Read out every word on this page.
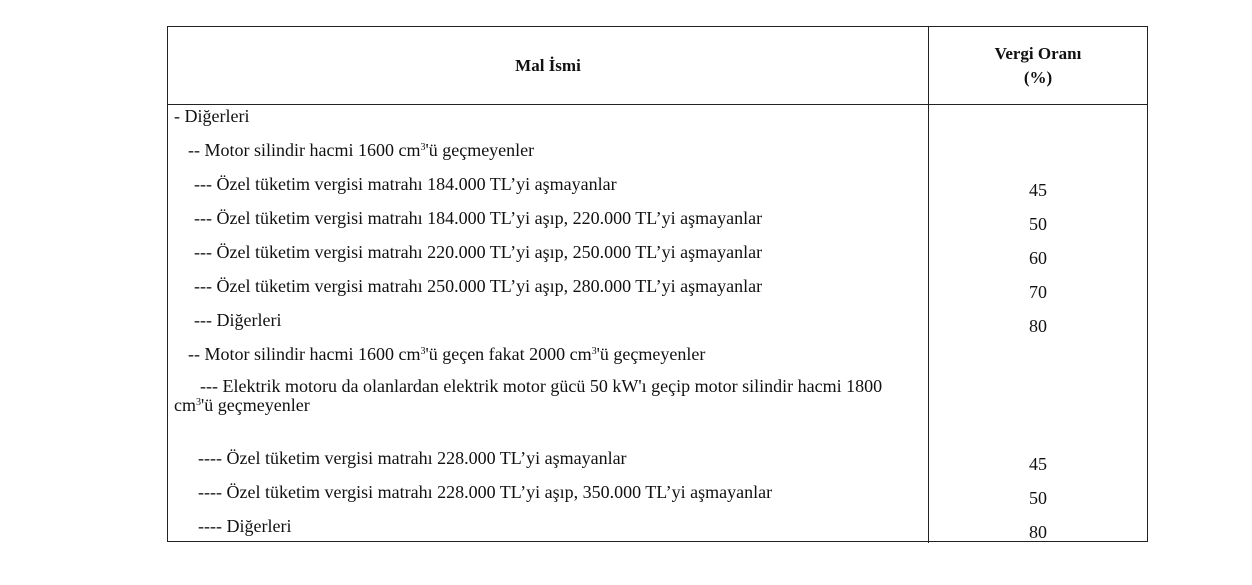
Mal İsmi
Vergi Oranı
(%)
- Diğerleri
-- Motor silindir hacmi 1600 $cm^3'ü$ geçmeyenler
--- Özel tüketim vergisi matrahı 184.000 TL’yi aşmayanlar	45
--- Özel tüketim vergisi matrahı 184.000 TL’yi aşıp, 220.000 TL’yi aşmayanlar	50
--- Özel tüketim vergisi matrahı 220.000 TL’yi aşıp, 250.000 TL’yi aşmayanlar	60
--- Özel tüketim vergisi matrahı 250.000 TL’yi aşıp, 280.000 TL’yi aşmayanlar	70
--- Diğerleri	80
-- Motor silindir hacmi 1600 $cm^3'ü$ geçen fakat 2000 $cm^3'ü$ geçmeyenler
--- Elektrik motoru da olanlardan elektrik motor gücü 50 kW'ı geçip motor silindir hacmi 1800 $cm^3'ü$ geçmeyenler
---- Özel tüketim vergisi matrahı 228.000 TL’yi aşmayanlar	45
---- Özel tüketim vergisi matrahı 228.000 TL’yi aşıp, 350.000 TL’yi aşmayanlar	50
---- Diğerleri	80
